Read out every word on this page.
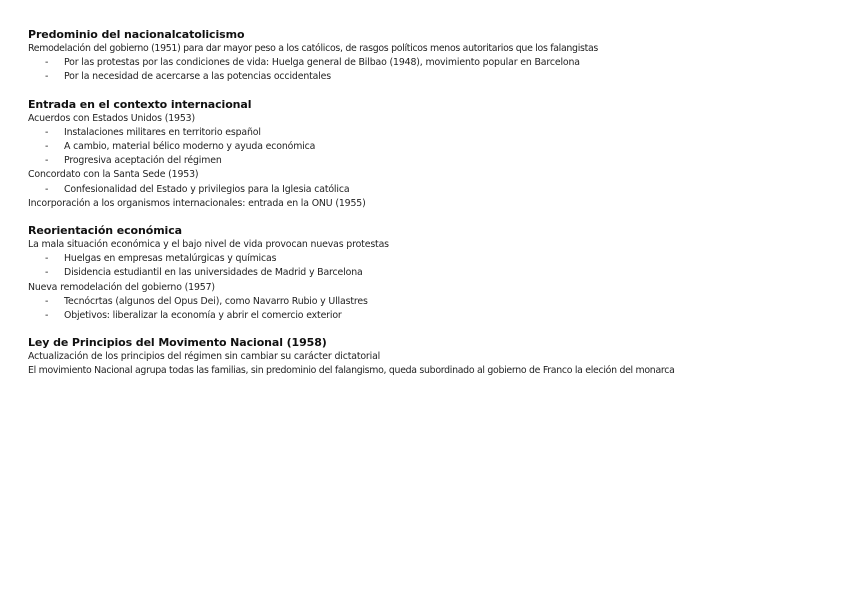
Predominio del nacionalcatolicismo
Remodelación del gobierno (1951) para dar mayor peso a los católicos, de rasgos políticos menos autoritarios que los falangistas
- Por las protestas por las condiciones de vida: Huelga general de Bilbao (1948), movimiento popular en Barcelona
- Por la necesidad de acercarse a las potencias occidentales
Entrada en el contexto internacional
Acuerdos con Estados Unidos (1953)
- Instalaciones militares en territorio español
- A cambio, material bélico moderno y ayuda económica
- Progresiva aceptación del régimen
Concordato con la Santa Sede (1953)
- Confesionalidad del Estado y privilegios para la Iglesia católica
Incorporación a los organismos internacionales: entrada en la ONU (1955)
Reorientación económica
La mala situación económica y el bajo nivel de vida provocan nuevas protestas
- Huelgas en empresas metalúrgicas y químicas
- Disidencia estudiantil en las universidades de Madrid y Barcelona
Nueva remodelación del gobierno (1957)
- Tecnócrtas (algunos del Opus Dei), como Navarro Rubio y Ullastres
- Objetivos: liberalizar la economía y abrir el comercio exterior
Ley de Principios del Movimento Nacional (1958)
Actualización de los principios del régimen sin cambiar su carácter dictatorial
El movimiento Nacional agrupa todas las familias, sin predominio del falangismo, queda subordinado al gobierno de Franco la eleción del monarca
